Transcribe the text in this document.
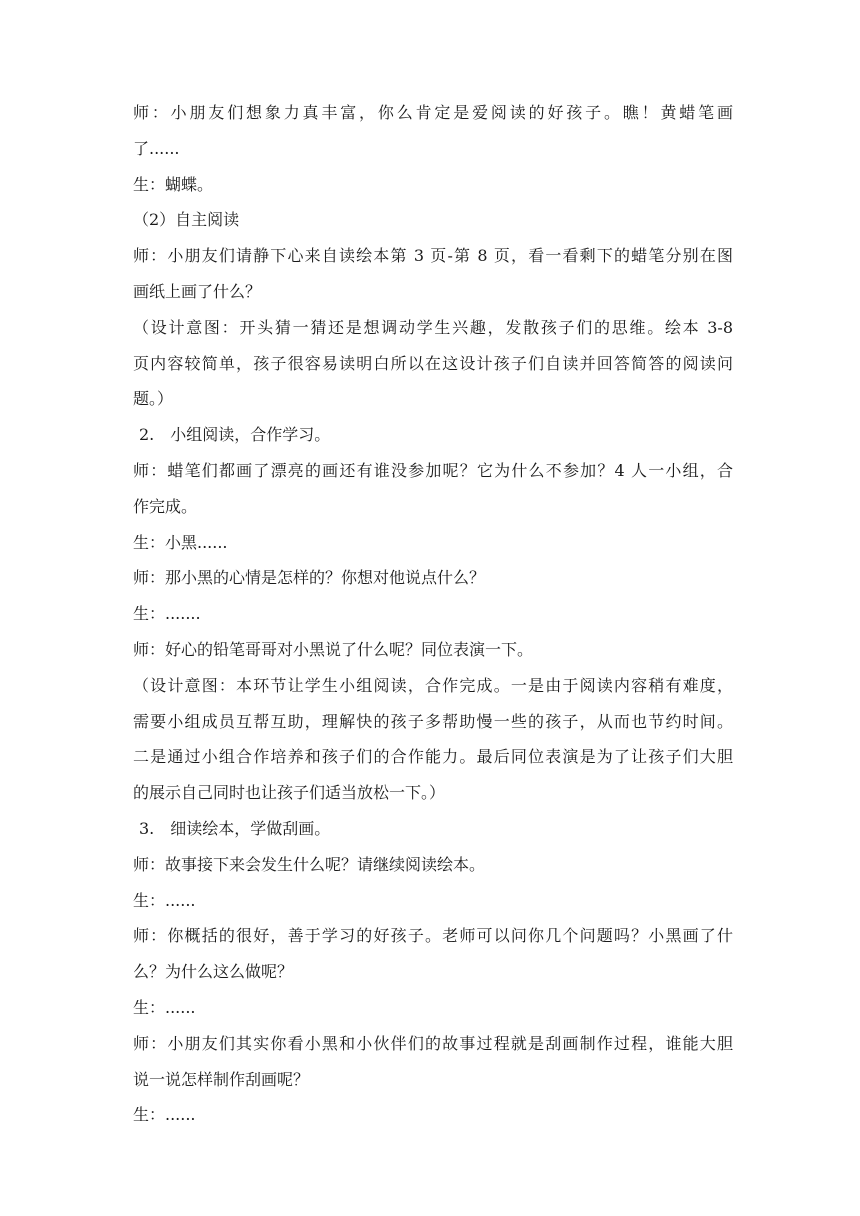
师：小朋友们想象力真丰富，你么肯定是爱阅读的好孩子。瞧！黄蜡笔画
了......
生：蝴蝶。
（2）自主阅读
师：小朋友们请静下心来自读绘本第 3 页-第 8 页，看一看剩下的蜡笔分别在图
画纸上画了什么？
（设计意图：开头猜一猜还是想调动学生兴趣，发散孩子们的思维。绘本 3-8
页内容较简单，孩子很容易读明白所以在这设计孩子们自读并回答简答的阅读问
题。）
2.　小组阅读，合作学习。
师：蜡笔们都画了漂亮的画还有谁没参加呢？它为什么不参加？4 人一小组，合
作完成。
生：小黑......
师：那小黑的心情是怎样的？你想对他说点什么？
生：.......
师：好心的铅笔哥哥对小黑说了什么呢？同位表演一下。
（设计意图：本环节让学生小组阅读，合作完成。一是由于阅读内容稍有难度，
需要小组成员互帮互助，理解快的孩子多帮助慢一些的孩子，从而也节约时间。
二是通过小组合作培养和孩子们的合作能力。最后同位表演是为了让孩子们大胆
的展示自己同时也让孩子们适当放松一下。）
3.　细读绘本，学做刮画。
师：故事接下来会发生什么呢？请继续阅读绘本。
生：......
师：你概括的很好，善于学习的好孩子。老师可以问你几个问题吗？小黑画了什
么？为什么这么做呢？
生：......
师：小朋友们其实你看小黑和小伙伴们的故事过程就是刮画制作过程，谁能大胆
说一说怎样制作刮画呢？
生：......
